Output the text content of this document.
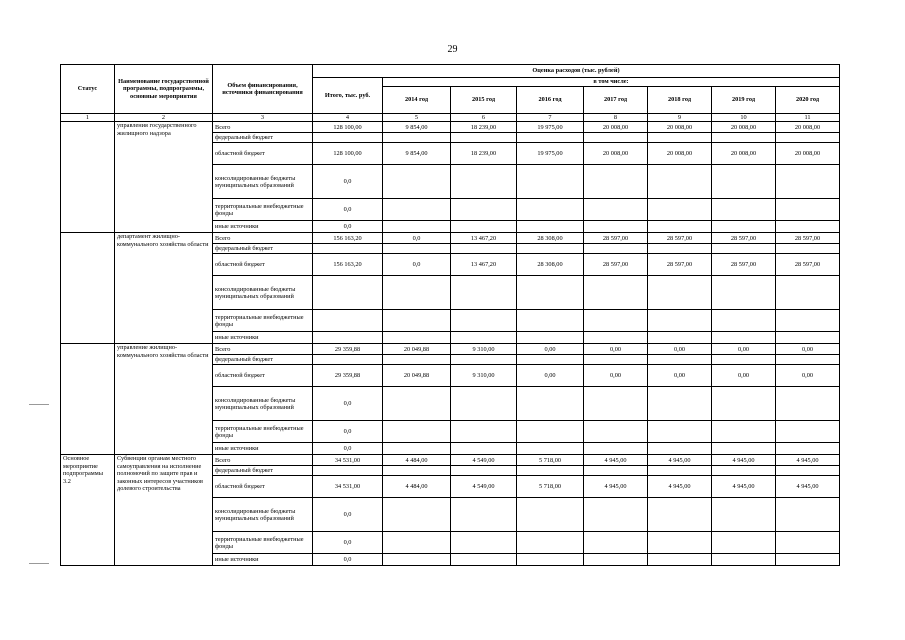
29
Статус	Наименование государственной программы, подпрограммы, основные мероприятия	Объем финансирования, источники финансирования	Оценка расходов (тыс. рублей)							
			Итого, тыс. руб.	в том числе:						
				2014 год	2015 год	2016 год	2017 год	2018 год	2019 год	2020 год
1	2	3	4	5	6	7	8	9	10	11
	управления государственного жилищного надзора	Всего	128 100,00	9 854,00	18 239,00	19 975,00	20 008,00	20 008,00	20 008,00	20 008,00
		федеральный бюджет								
		областной бюджет	128 100,00	9 854,00	18 239,00	19 975,00	20 008,00	20 008,00	20 008,00	20 008,00
		консолидированные бюджеты муниципальных образований	0,0							
		территориальные внебюджетные фонды	0,0							
		иные источники	0,0							
	департамент жилищно-коммунального хозяйства области	Всего	156 163,20	0,0	13 467,20	28 308,00	28 597,00	28 597,00	28 597,00	28 597,00
		федеральный бюджет								
		областной бюджет	156 163,20	0,0	13 467,20	28 308,00	28 597,00	28 597,00	28 597,00	28 597,00
		консолидированные бюджеты муниципальных образований								
		территориальные внебюджетные фонды								
		иные источники								
	управление жилищно-коммунального хозяйства области	Всего	29 359,88	20 049,88	9 310,00	0,00	0,00	0,00	0,00	0,00
		федеральный бюджет								
		областной бюджет	29 359,88	20 049,88	9 310,00	0,00	0,00	0,00	0,00	0,00
		консолидированные бюджеты муниципальных образований	0,0							
		территориальные внебюджетные фонды	0,0							
		иные источники	0,0							
Основное мероприятие подпрограммы 3.2	Субвенции органам местного самоуправления на исполнение полномочий по защите прав и законных интересов участников долевого строительства	Всего	34 531,00	4 484,00	4 549,00	5 718,00	4 945,00	4 945,00	4 945,00	4 945,00
		федеральный бюджет								
		областной бюджет	34 531,00	4 484,00	4 549,00	5 718,00	4 945,00	4 945,00	4 945,00	4 945,00
		консолидированные бюджеты муниципальных образований	0,0							
		территориальные внебюджетные фонды	0,0							
		иные источники	0,0							
